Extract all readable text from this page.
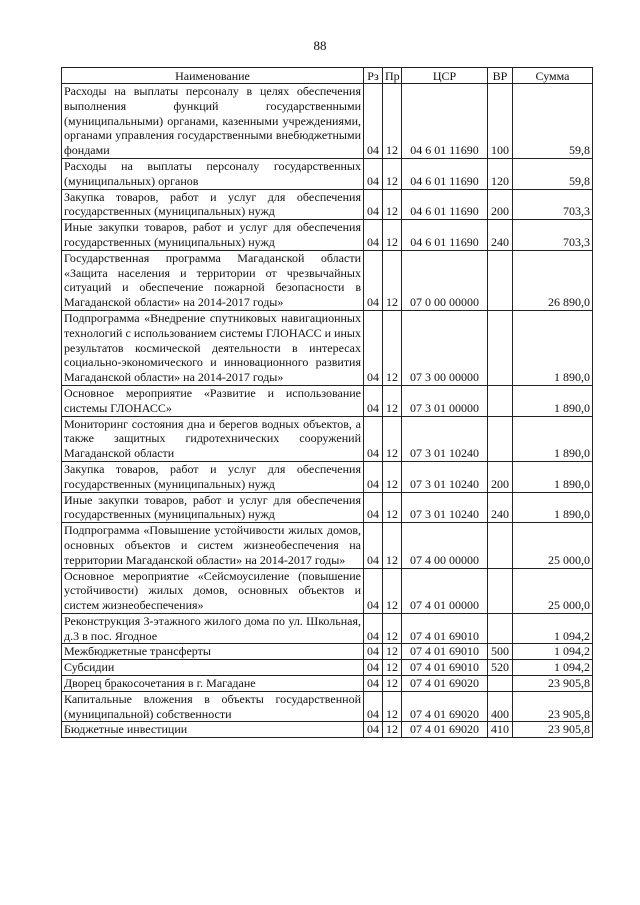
88
Наименование	Рз	Пр	ЦСР	ВР	Сумма
Расходы на выплаты персоналу в целях обеспечения выполнения функций государственными (муниципальными) органами, казенными учреждениями, органами управления государственными внебюджетными фондами	04	12	04 6 01 11690	100	59,8
Расходы на выплаты персоналу государственных (муниципальных) органов	04	12	04 6 01 11690	120	59,8
Закупка товаров, работ и услуг для обеспечения государственных (муниципальных) нужд	04	12	04 6 01 11690	200	703,3
Иные закупки товаров, работ и услуг для обеспечения государственных (муниципальных) нужд	04	12	04 6 01 11690	240	703,3
Государственная программа Магаданской области «Защита населения и территории от чрезвычайных ситуаций и обеспечение пожарной безопасности в Магаданской области» на 2014-2017 годы»	04	12	07 0 00 00000		26 890,0
Подпрограмма «Внедрение спутниковых навигационных технологий с использованием системы ГЛОНАСС и иных результатов космической деятельности в интересах социально-экономического и инновационного развития Магаданской области» на 2014-2017 годы»	04	12	07 3 00 00000		1 890,0
Основное мероприятие «Развитие и использование системы ГЛОНАСС»	04	12	07 3 01 00000		1 890,0
Мониторинг состояния дна и берегов водных объектов, а также защитных гидротехнических сооружений Магаданской области	04	12	07 3 01 10240		1 890,0
Закупка товаров, работ и услуг для обеспечения государственных (муниципальных) нужд	04	12	07 3 01 10240	200	1 890,0
Иные закупки товаров, работ и услуг для обеспечения государственных (муниципальных) нужд	04	12	07 3 01 10240	240	1 890,0
Подпрограмма «Повышение устойчивости жилых домов, основных объектов и систем жизнеобеспечения на территории Магаданской области» на 2014-2017 годы»	04	12	07 4 00 00000		25 000,0
Основное мероприятие «Сейсмоусиление (повышение устойчивости) жилых домов, основных объектов и систем жизнеобеспечения»	04	12	07 4 01 00000		25 000,0
Реконструкция 3-этажного жилого дома по ул. Школьная, д.3 в пос. Ягодное	04	12	07 4 01 69010		1 094,2
Межбюджетные трансферты	04	12	07 4 01 69010	500	1 094,2
Субсидии	04	12	07 4 01 69010	520	1 094,2
Дворец бракосочетания в г. Магадане	04	12	07 4 01 69020		23 905,8
Капитальные вложения в объекты государственной (муниципальной) собственности	04	12	07 4 01 69020	400	23 905,8
Бюджетные инвестиции	04	12	07 4 01 69020	410	23 905,8
